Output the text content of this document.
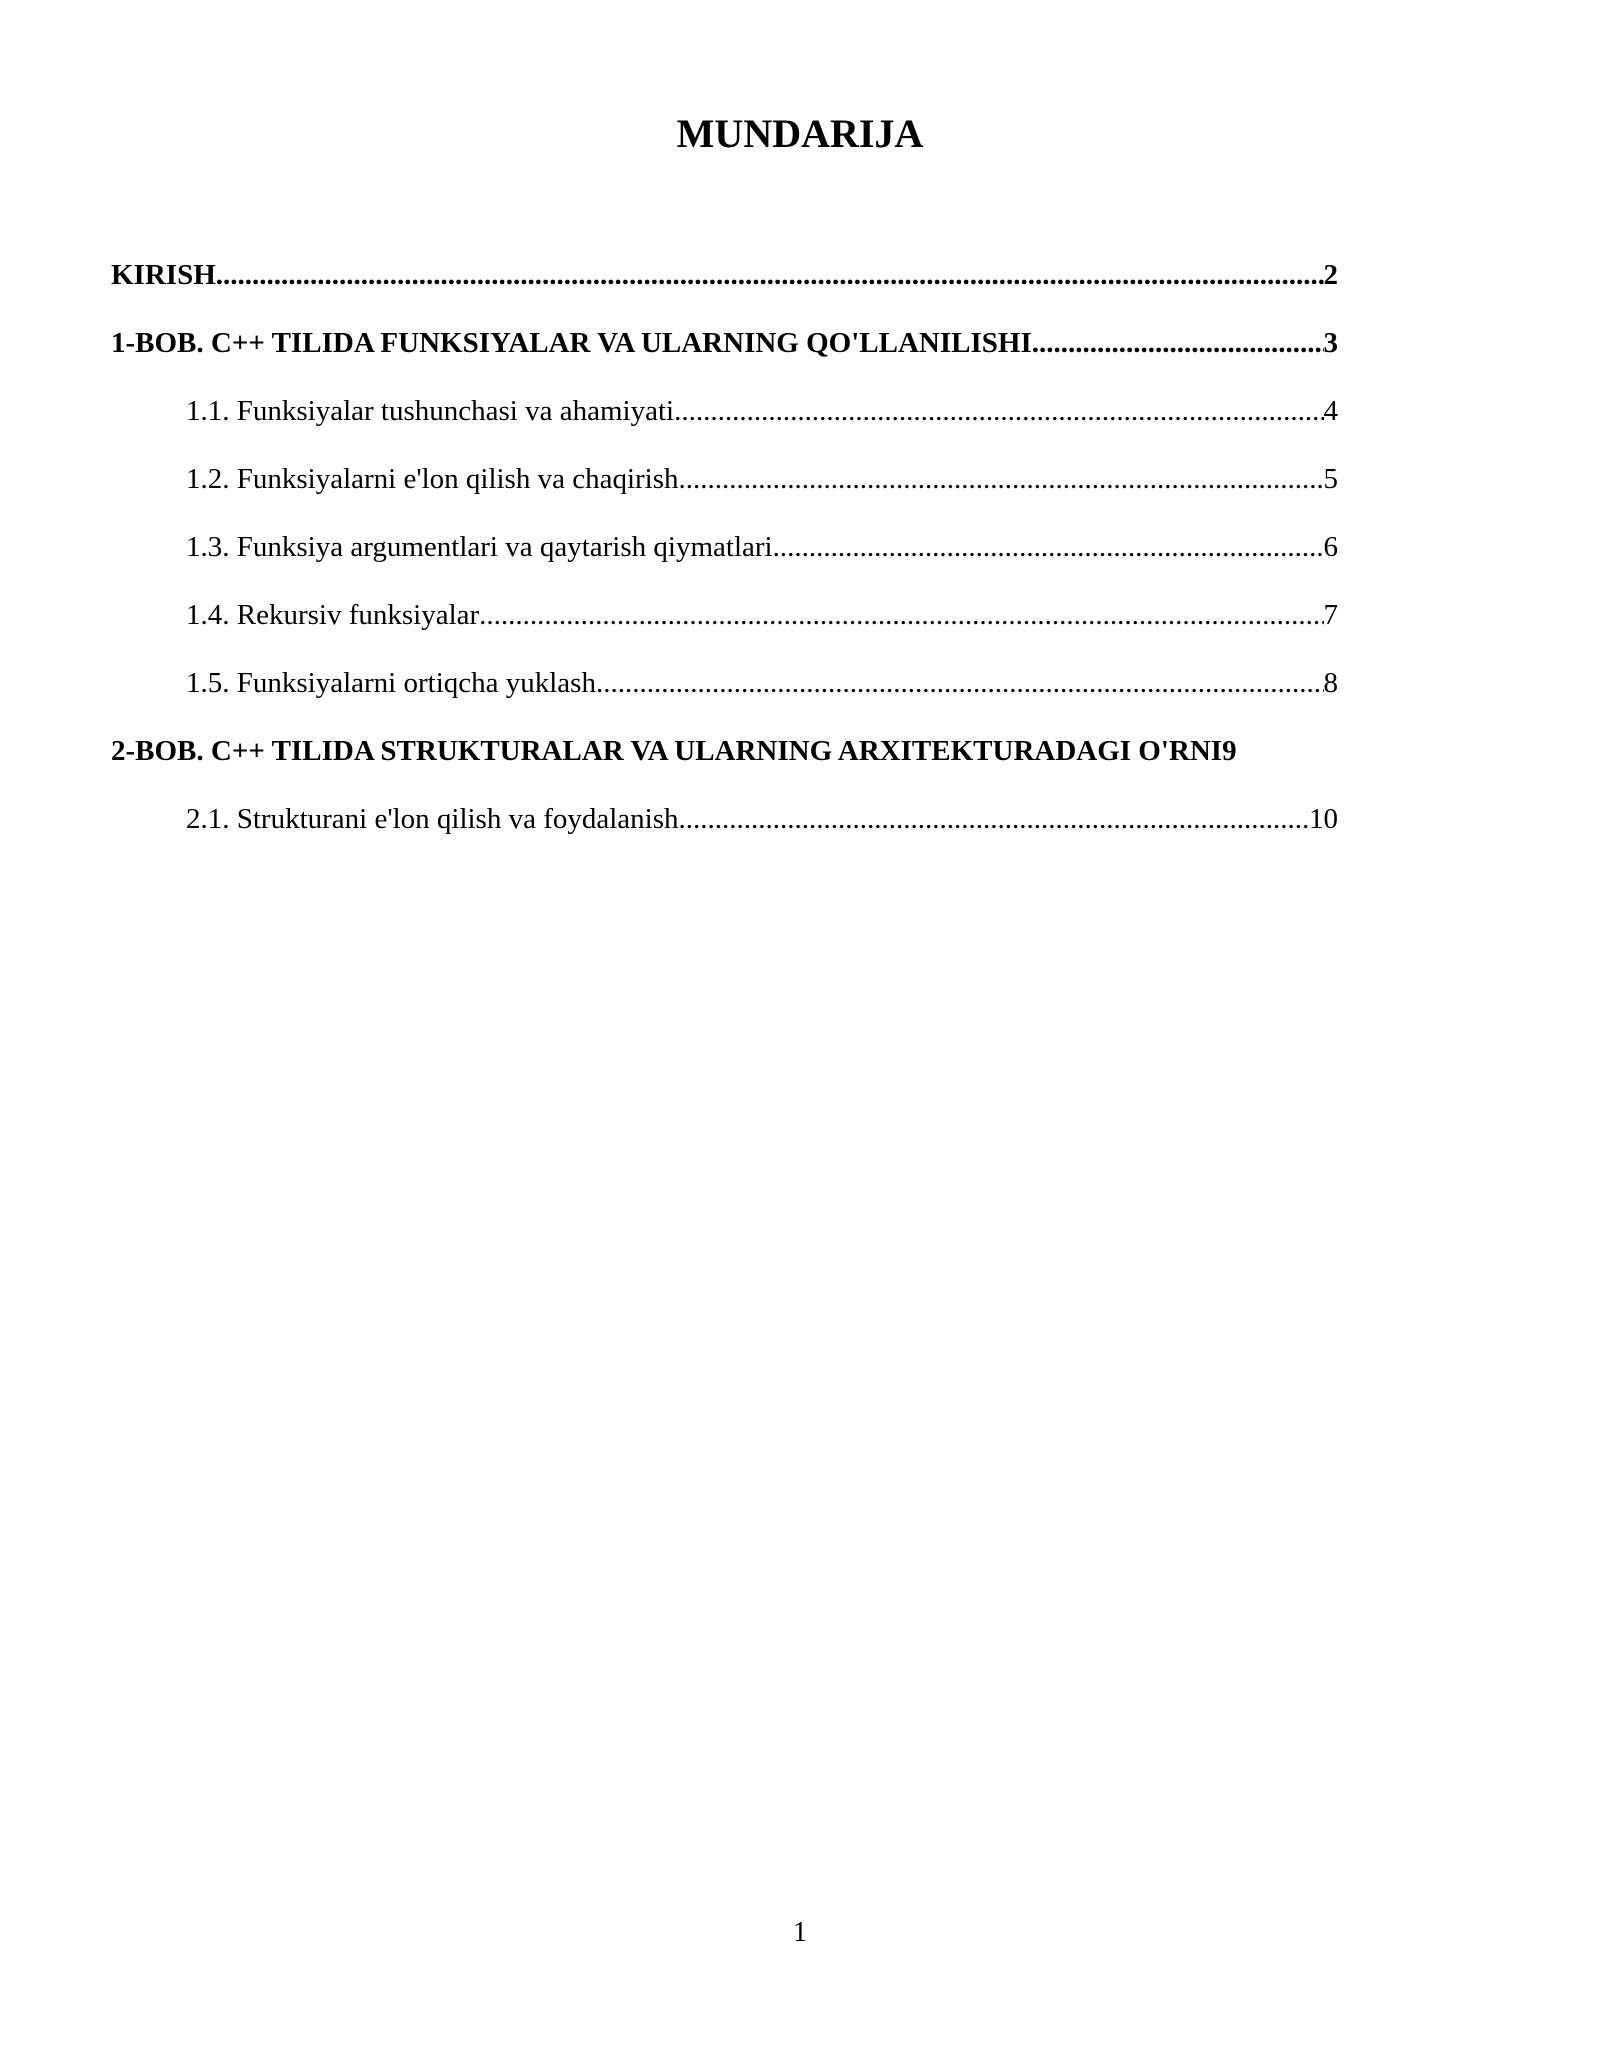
MUNDARIJA
KIRISH .....	2
1-BOB. C++ TILIDA FUNKSIYALAR VA ULARNING QO'LLANILISHI .....	3
1.1. Funksiyalar tushunchasi va ahamiyati .....	4
1.2. Funksiyalarni e'lon qilish va chaqirish .....	5
1.3. Funksiya argumentlari va qaytarish qiymatlari .....	6
1.4. Rekursiv funksiyalar .....	7
1.5. Funksiyalarni ortiqcha yuklash .....	8
2-BOB. C++ TILIDA STRUKTURALAR VA ULARNING ARXITEKTURADAGI O'RNI 9
2.1. Strukturani e'lon qilish va foydalanish .....	10
1
